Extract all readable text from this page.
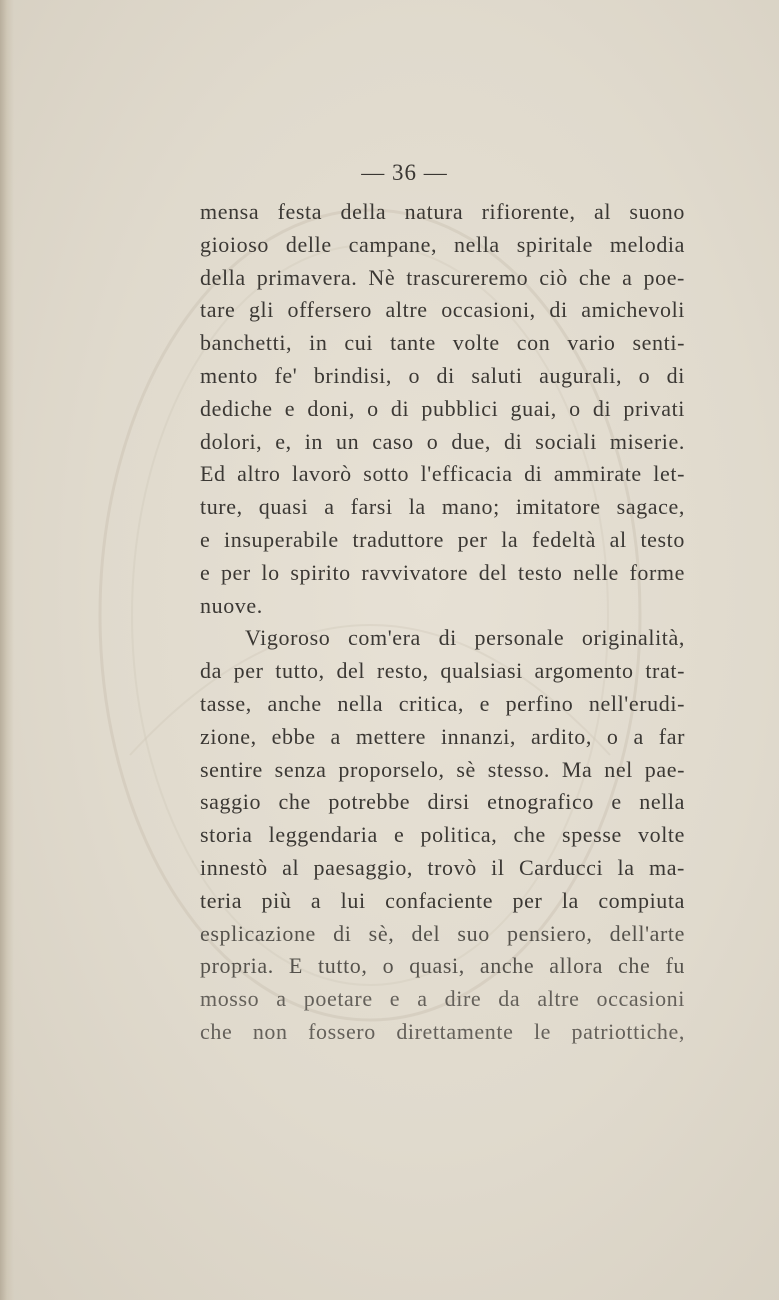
— 36 —
mensa festa della natura rifiorente, al suono
gioioso delle campane, nella spiritale melodia
della primavera. Nè trascureremo ciò che a poe-
tare gli offersero altre occasioni, di amichevoli
banchetti, in cui tante volte con vario senti-
mento fe' brindisi, o di saluti augurali, o di
dediche e doni, o di pubblici guai, o di privati
dolori, e, in un caso o due, di sociali miserie.
Ed altro lavorò sotto l'efficacia di ammirate let-
ture, quasi a farsi la mano; imitatore sagace,
e insuperabile traduttore per la fedeltà al testo
e per lo spirito ravvivatore del testo nelle forme
nuove.
Vigoroso com'era di personale originalità,
da per tutto, del resto, qualsiasi argomento trat-
tasse, anche nella critica, e perfino nell'erudi-
zione, ebbe a mettere innanzi, ardito, o a far
sentire senza proporselo, sè stesso. Ma nel pae-
saggio che potrebbe dirsi etnografico e nella
storia leggendaria e politica, che spesse volte
innestò al paesaggio, trovò il Carducci la ma-
teria più a lui confaciente per la compiuta
esplicazione di sè, del suo pensiero, dell'arte
propria. E tutto, o quasi, anche allora che fu
mosso a poetare e a dire da altre occasioni
che non fossero direttamente le patriottiche,
